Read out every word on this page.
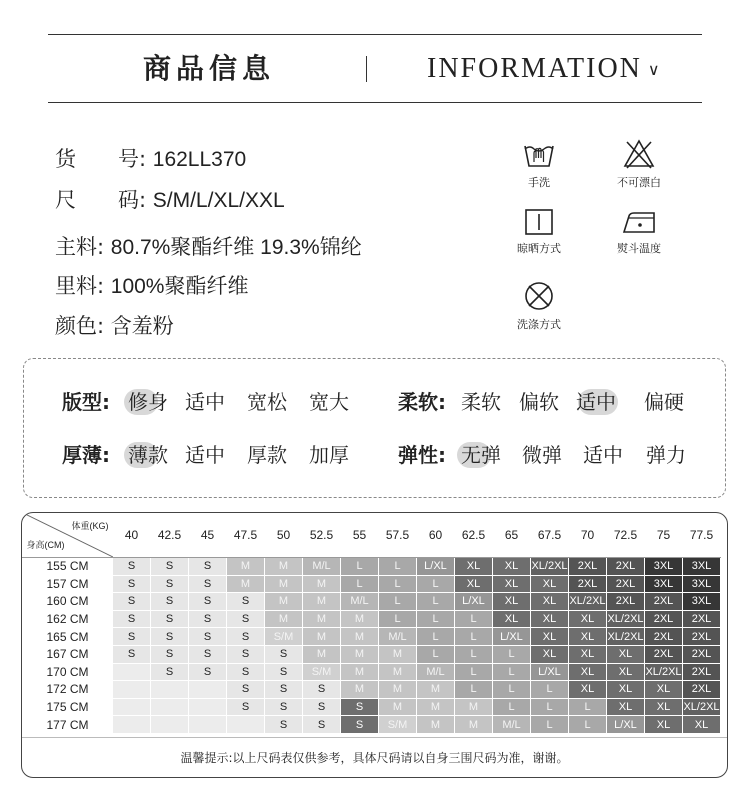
商品信息	INFORMATION ∨
货　　号: 162LL370
尺　　码: S/M/L/XL/XXL
主料: 80.7%聚酯纤维 19.3%锦纶
里料: 100%聚酯纤维
颜色: 含羞粉
手洗	不可漂白
晾晒方式	熨斗温度
洗涤方式
版型: 修身 适中 宽松 宽大 柔软: 柔软 偏软 适中 偏硬
厚薄: 薄款 适中 厚款 加厚 弹性: 无弹 微弹 适中 弹力
体重(KG)
身高(CM)	40	42.5	45	47.5	50	52.5	55	57.5	60	62.5	65	67.5	70	72.5	75	77.5
155 CM	S	S	S	M	M	M/L	L	L	L/XL	XL	XL	XL/2XL	2XL	2XL	3XL	3XL
157 CM	S	S	S	M	M	M	L	L	L	XL	XL	XL	2XL	2XL	3XL	3XL
160 CM	S	S	S	S	M	M	M/L	L	L	L/XL	XL	XL	XL/2XL	2XL	2XL	3XL
162 CM	S	S	S	S	M	M	M	L	L	L	XL	XL	XL	XL/2XL	2XL	2XL
165 CM	S	S	S	S	S/M	M	M	M/L	L	L	L/XL	XL	XL	XL/2XL	2XL	2XL
167 CM	S	S	S	S	S	M	M	M	L	L	L	XL	XL	XL	2XL	2XL
170 CM		S	S	S	S	S/M	M	M	M/L	L	L	L/XL	XL	XL	XL/2XL	2XL
172 CM				S	S	S	M	M	M	L	L	L	XL	XL	XL	2XL
175 CM				S	S	S	S	M	M	M	L	L	L	XL	XL	XL/2XL
177 CM					S	S	S	S/M	M	M	M/L	L	L	L/XL	XL	XL
温馨提示:以上尺码表仅供参考，具体尺码请以自身三围尺码为准，谢谢。
